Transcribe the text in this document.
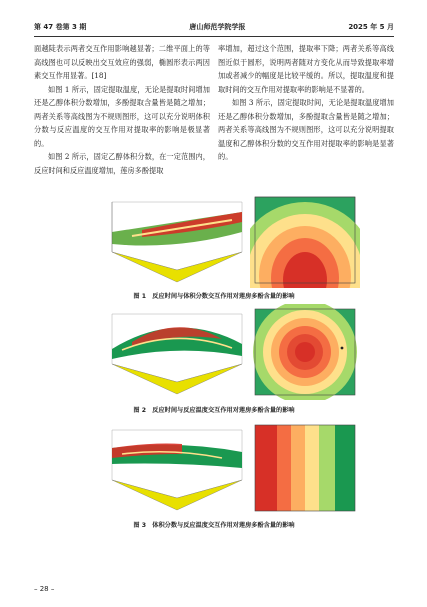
第 47 卷第 3 期	唐山师范学院学报	2025 年 5 月

面越陡表示两者交互作用影响越显著；二维平面上的等高线图也可以反映出交互效应的强弱，椭圆形表示两因素交互作用显著。[18]

如图 1 所示，固定提取温度，无论是提取时间增加还是乙醇体积分数增加，多酚提取含量皆是随之增加；两者关系等高线图为不规则图形，这可以充分说明体积分数与反应温度的交互作用对提取率的影响是极显著的。

如图 2 所示，固定乙醇体积分数，在一定范围内，反应时间和反应温度增加，莲房多酚提取

率增加，超过这个范围，提取率下降；两者关系等高线图近似于圆形，说明两者随对方变化从而导致提取率增加或者减少的幅度是比较平缓的。所以，提取温度和提取时间的交互作用对提取率的影响是不显著的。

如图 3 所示，固定提取时间，无论是提取温度增加还是乙醇体积分数增加，多酚提取含量皆是随之增加；两者关系等高线图为不规则图形，这可以充分说明提取温度和乙醇体积分数的交互作用对提取率的影响是显著的。

图 1　反应时间与体积分数交互作用对莲房多酚含量的影响
图 2　反应时间与反应温度交互作用对莲房多酚含量的影响
图 3　体积分数与反应温度交互作用对莲房多酚含量的影响
– 28 –
